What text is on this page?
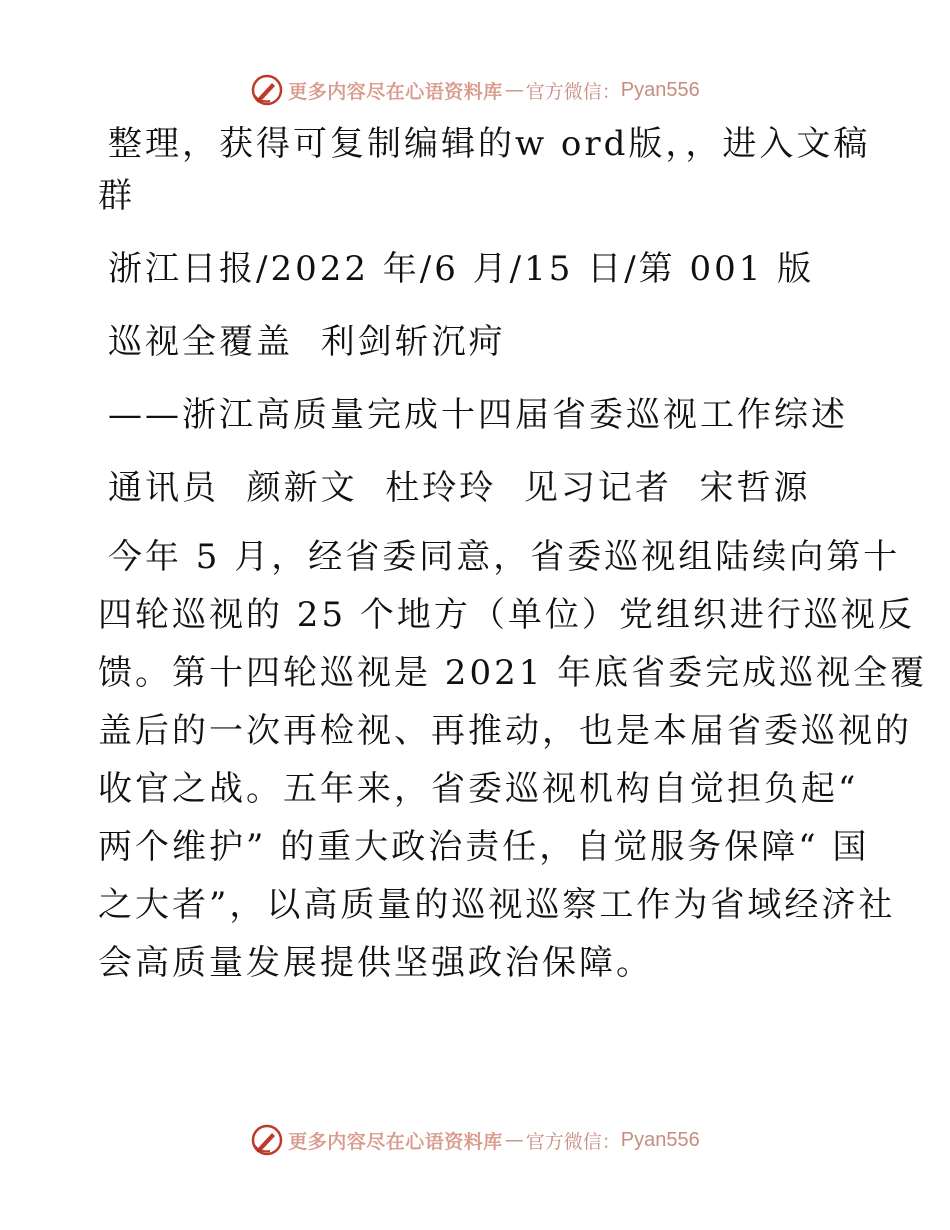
更多内容尽在心语资料库 — 官方微信： Pyan556
整理，获得可复制编辑的w ord版，，进入文稿
群
浙江日报/2022 年/6 月/15 日/第 001 版
巡视全覆盖  利剑斩沉疴
——浙江高质量完成十四届省委巡视工作综述
通讯员  颜新文  杜玲玲  见习记者  宋哲源
今年 5 月，经省委同意，省委巡视组陆续向第十
四轮巡视的 25 个地方（单位）党组织进行巡视反
馈。第十四轮巡视是 2021 年底省委完成巡视全覆
盖后的一次再检视、再推动，也是本届省委巡视的
收官之战。五年来，省委巡视机构自觉担负起“
两个维护” 的重大政治责任，自觉服务保障“ 国
之大者”，以高质量的巡视巡察工作为省域经济社
会高质量发展提供坚强政治保障。
更多内容尽在心语资料库 — 官方微信： Pyan556
